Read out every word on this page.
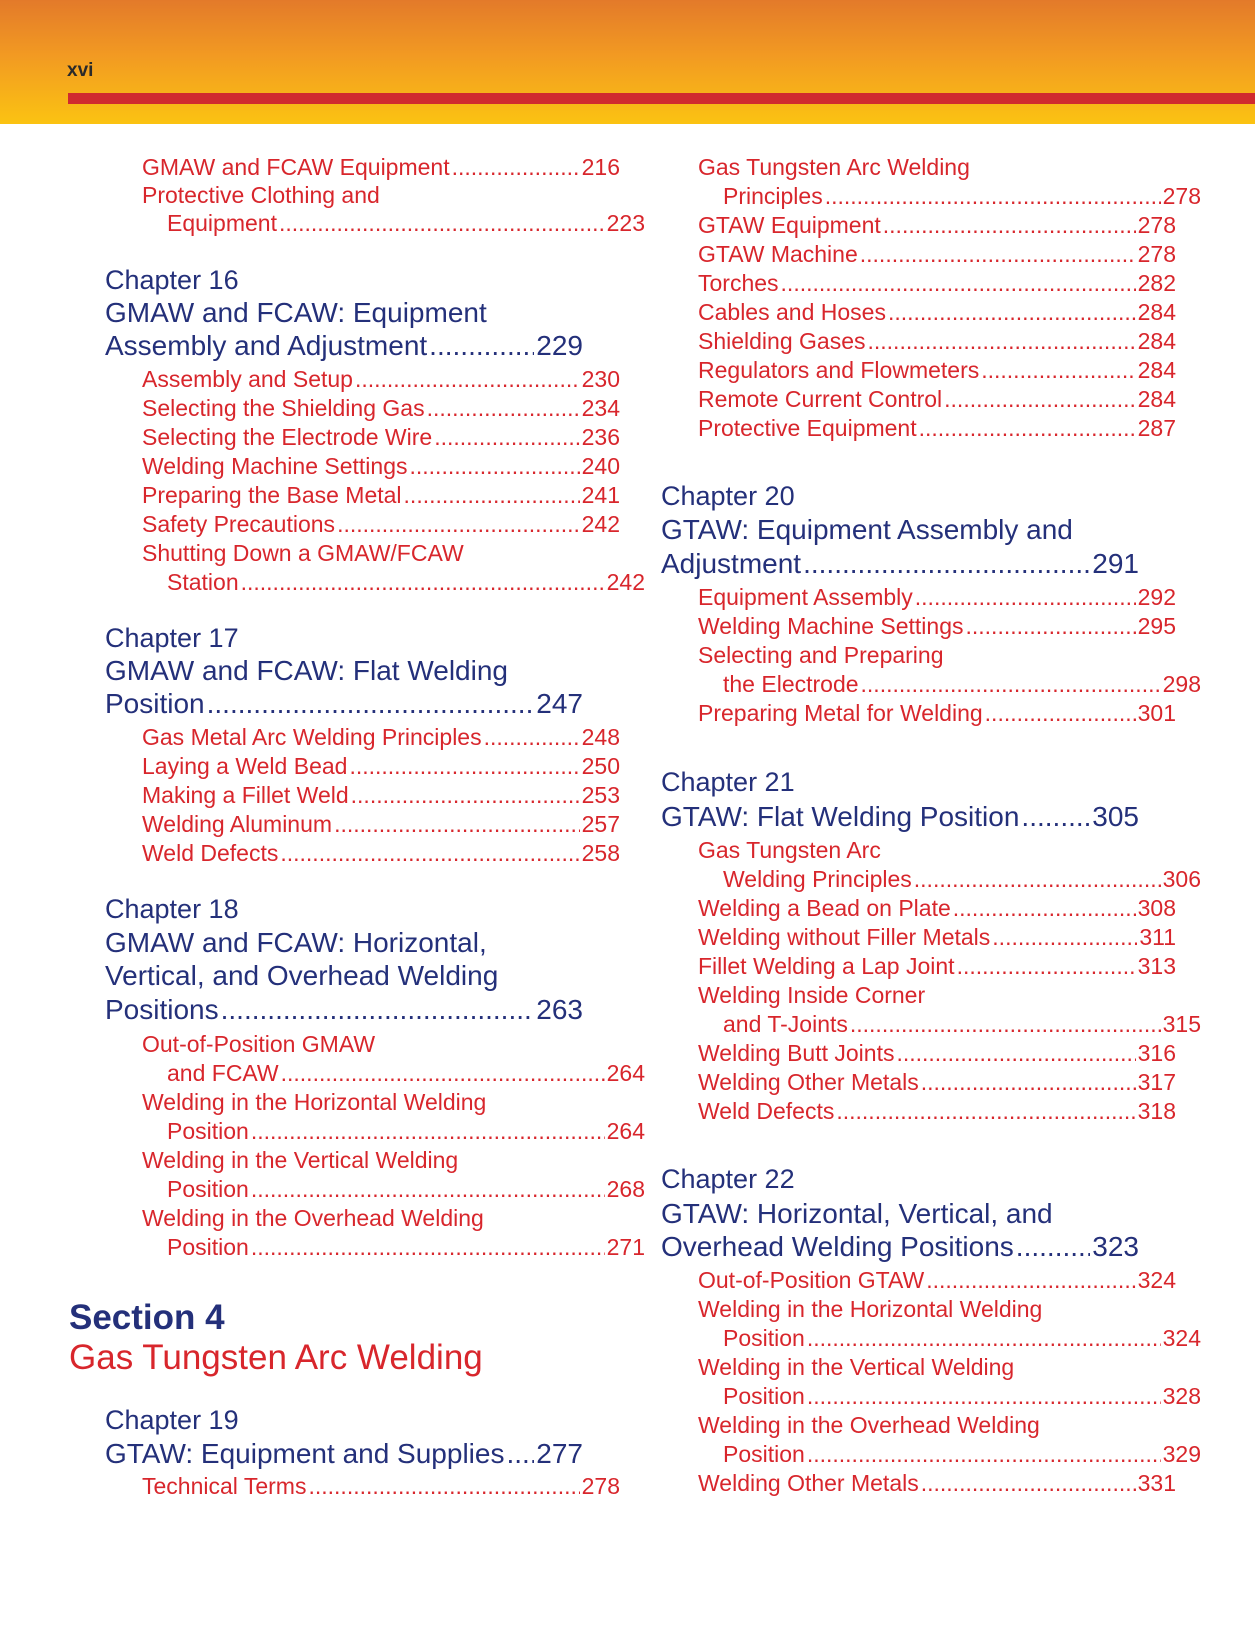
xvi
GMAW and FCAW Equipment .....	216
Protective Clothing and
Equipment .....	223
Chapter 16
GMAW and FCAW: Equipment
Assembly and Adjustment .....	229
Assembly and Setup .....	230
Selecting the Shielding Gas .....	234
Selecting the Electrode Wire .....	236
Welding Machine Settings .....	240
Preparing the Base Metal .....	241
Safety Precautions .....	242
Shutting Down a GMAW/FCAW
Station .....	242
Chapter 17
GMAW and FCAW: Flat Welding
Position .....	247
Gas Metal Arc Welding Principles .....	248
Laying a Weld Bead .....	250
Making a Fillet Weld .....	253
Welding Aluminum .....	257
Weld Defects .....	258
Chapter 18
GMAW and FCAW: Horizontal,
Vertical, and Overhead Welding
Positions .....	263
Out-of-Position GMAW
and FCAW .....	264
Welding in the Horizontal Welding
Position .....	264
Welding in the Vertical Welding
Position .....	268
Welding in the Overhead Welding
Position .....	271
Section 4
Gas Tungsten Arc Welding
Chapter 19
GTAW: Equipment and Supplies ..... 277
Technical Terms .....	278
Gas Tungsten Arc Welding
Principles .....	278
GTAW Equipment .....	278
GTAW Machine .....	278
Torches .....	282
Cables and Hoses .....	284
Shielding Gases .....	284
Regulators and Flowmeters .....	284
Remote Current Control .....	284
Protective Equipment .....	287
Chapter 20
GTAW: Equipment Assembly and
Adjustment .....	291
Equipment Assembly .....	292
Welding Machine Settings .....	295
Selecting and Preparing
the Electrode .....	298
Preparing Metal for Welding .....	301
Chapter 21
GTAW: Flat Welding Position .....	305
Gas Tungsten Arc
Welding Principles .....	306
Welding a Bead on Plate .....	308
Welding without Filler Metals .....	311
Fillet Welding a Lap Joint .....	313
Welding Inside Corner
and T-Joints .....	315
Welding Butt Joints .....	316
Welding Other Metals .....	317
Weld Defects .....	318
Chapter 22
GTAW: Horizontal, Vertical, and
Overhead Welding Positions .....	323
Out-of-Position GTAW .....	324
Welding in the Horizontal Welding
Position .....	324
Welding in the Vertical Welding
Position .....	328
Welding in the Overhead Welding
Position .....	329
Welding Other Metals .....	331
